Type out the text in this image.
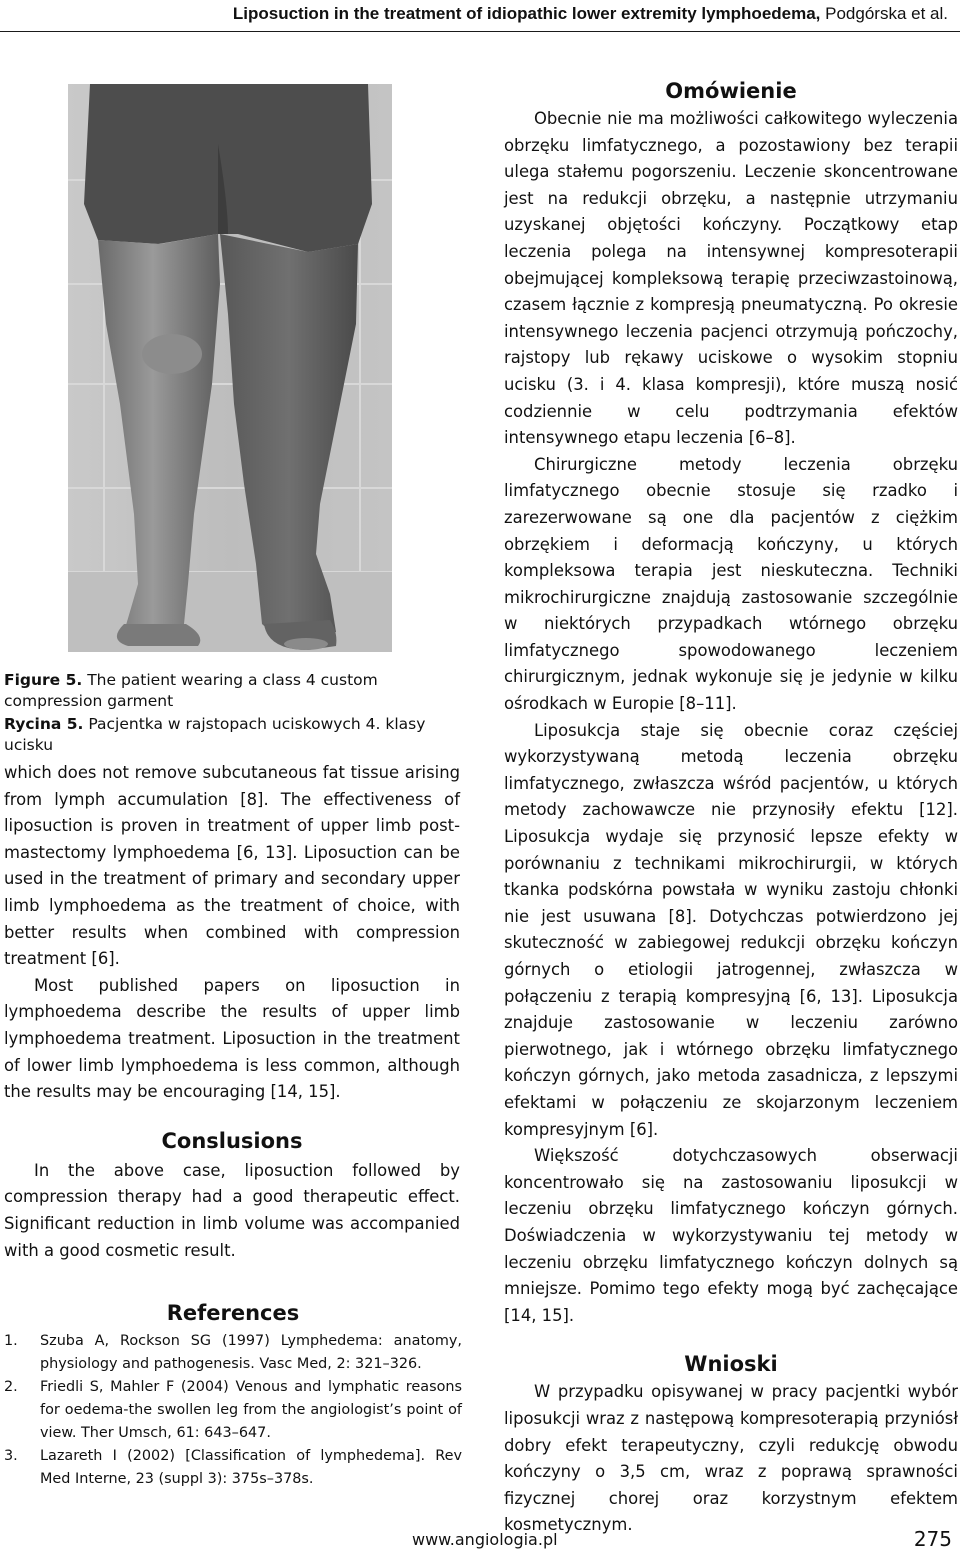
Liposuction in the treatment of idiopathic lower extremity lymphoedema, Podgórska et al.
Figure 5. The patient wearing a class 4 custom compression garment
Rycina 5. Pacjentka w rajstopach uciskowych 4. klasy ucisku

which does not remove subcutaneous fat tissue arising from lymph accumulation [8]. The effectiveness of liposuction is proven in treatment of upper limb post-mastectomy lymphoedema [6, 13]. Liposuction can be used in the treatment of primary and secondary upper limb lymphoedema as the treatment of choice, with better results when combined with compression treatment [6].

Most published papers on liposuction in lymphoedema describe the results of upper limb lymphoedema treatment. Liposuction in the treatment of lower limb lymphoedema is less common, although the results may be encouraging [14, 15].

Conslusions

In the above case, liposuction followed by compression therapy had a good therapeutic effect. Significant reduction in limb volume was accompanied with a good cosmetic result.

References
1. Szuba A, Rockson SG (1997) Lymphedema: anatomy, physiology and pathogenesis. Vasc Med, 2: 321–326.
2. Friedli S, Mahler F (2004) Venous and lymphatic reasons for oedema-the swollen leg from the angiologist’s point of view. Ther Umsch, 61: 643–647.
3. Lazareth I (2002) [Classification of lymphedema]. Rev Med Interne, 23 (suppl 3): 375s–378s.
Omówienie

Obecnie nie ma możliwości całkowitego wyleczenia obrzęku limfatycznego, a pozostawiony bez terapii ulega stałemu pogorszeniu. Leczenie skoncentrowane jest na redukcji obrzęku, a następnie utrzymaniu uzyskanej objętości kończyny. Początkowy etap leczenia polega na intensywnej kompresoterapii obejmującej kompleksową terapię przeciwzastoinową, czasem łącznie z kompresją pneumatyczną. Po okresie intensywnego leczenia pacjenci otrzymują pończochy, rajstopy lub rękawy uciskowe o wysokim stopniu ucisku (3. i 4. klasa kompresji), które muszą nosić codziennie w celu podtrzymania efektów intensywnego etapu leczenia [6–8].

Chirurgiczne metody leczenia obrzęku limfatycznego obecnie stosuje się rzadko i zarezerwowane są one dla pacjentów z ciężkim obrzękiem i deformacją kończyny, u których kompleksowa terapia jest nieskuteczna. Techniki mikrochirurgiczne znajdują zastosowanie szczególnie w niektórych przypadkach wtórnego obrzęku limfatycznego spowodowanego leczeniem chirurgicznym, jednak wykonuje się je jedynie w kilku ośrodkach w Europie [8–11].

Liposukcja staje się obecnie coraz częściej wykorzystywaną metodą leczenia obrzęku limfatycznego, zwłaszcza wśród pacjentów, u których metody zachowawcze nie przynosiły efektu [12]. Liposukcja wydaje się przynosić lepsze efekty w porównaniu z technikami mikrochirurgii, w których tkanka podskórna powstała w wyniku zastoju chłonki nie jest usuwana [8]. Dotychczas potwierdzono jej skuteczność w zabiegowej redukcji obrzęku kończyn górnych o etiologii jatrogennej, zwłaszcza w połączeniu z terapią kompresyjną [6, 13]. Liposukcja znajduje zastosowanie w leczeniu zarówno pierwotnego, jak i wtórnego obrzęku limfatycznego kończyn górnych, jako metoda zasadnicza, z lepszymi efektami w połączeniu ze skojarzonym leczeniem kompresyjnym [6].

Większość dotychczasowych obserwacji koncentrowało się na zastosowaniu liposukcji w leczeniu obrzęku limfatycznego kończyn górnych. Doświadczenia w wykorzystywaniu tej metody w leczeniu obrzęku limfatycznego kończyn dolnych są mniejsze. Pomimo tego efekty mogą być zachęcające [14, 15].

Wnioski

W przypadku opisywanej w pracy pacjentki wybór liposukcji wraz z następową kompresoterapią przyniósł dobry efekt terapeutyczny, czyli redukcję obwodu kończyny o 3,5 cm, wraz z poprawą sprawności fizycznej chorej oraz korzystnym efektem kosmetycznym.

www.angiologia.pl	275
